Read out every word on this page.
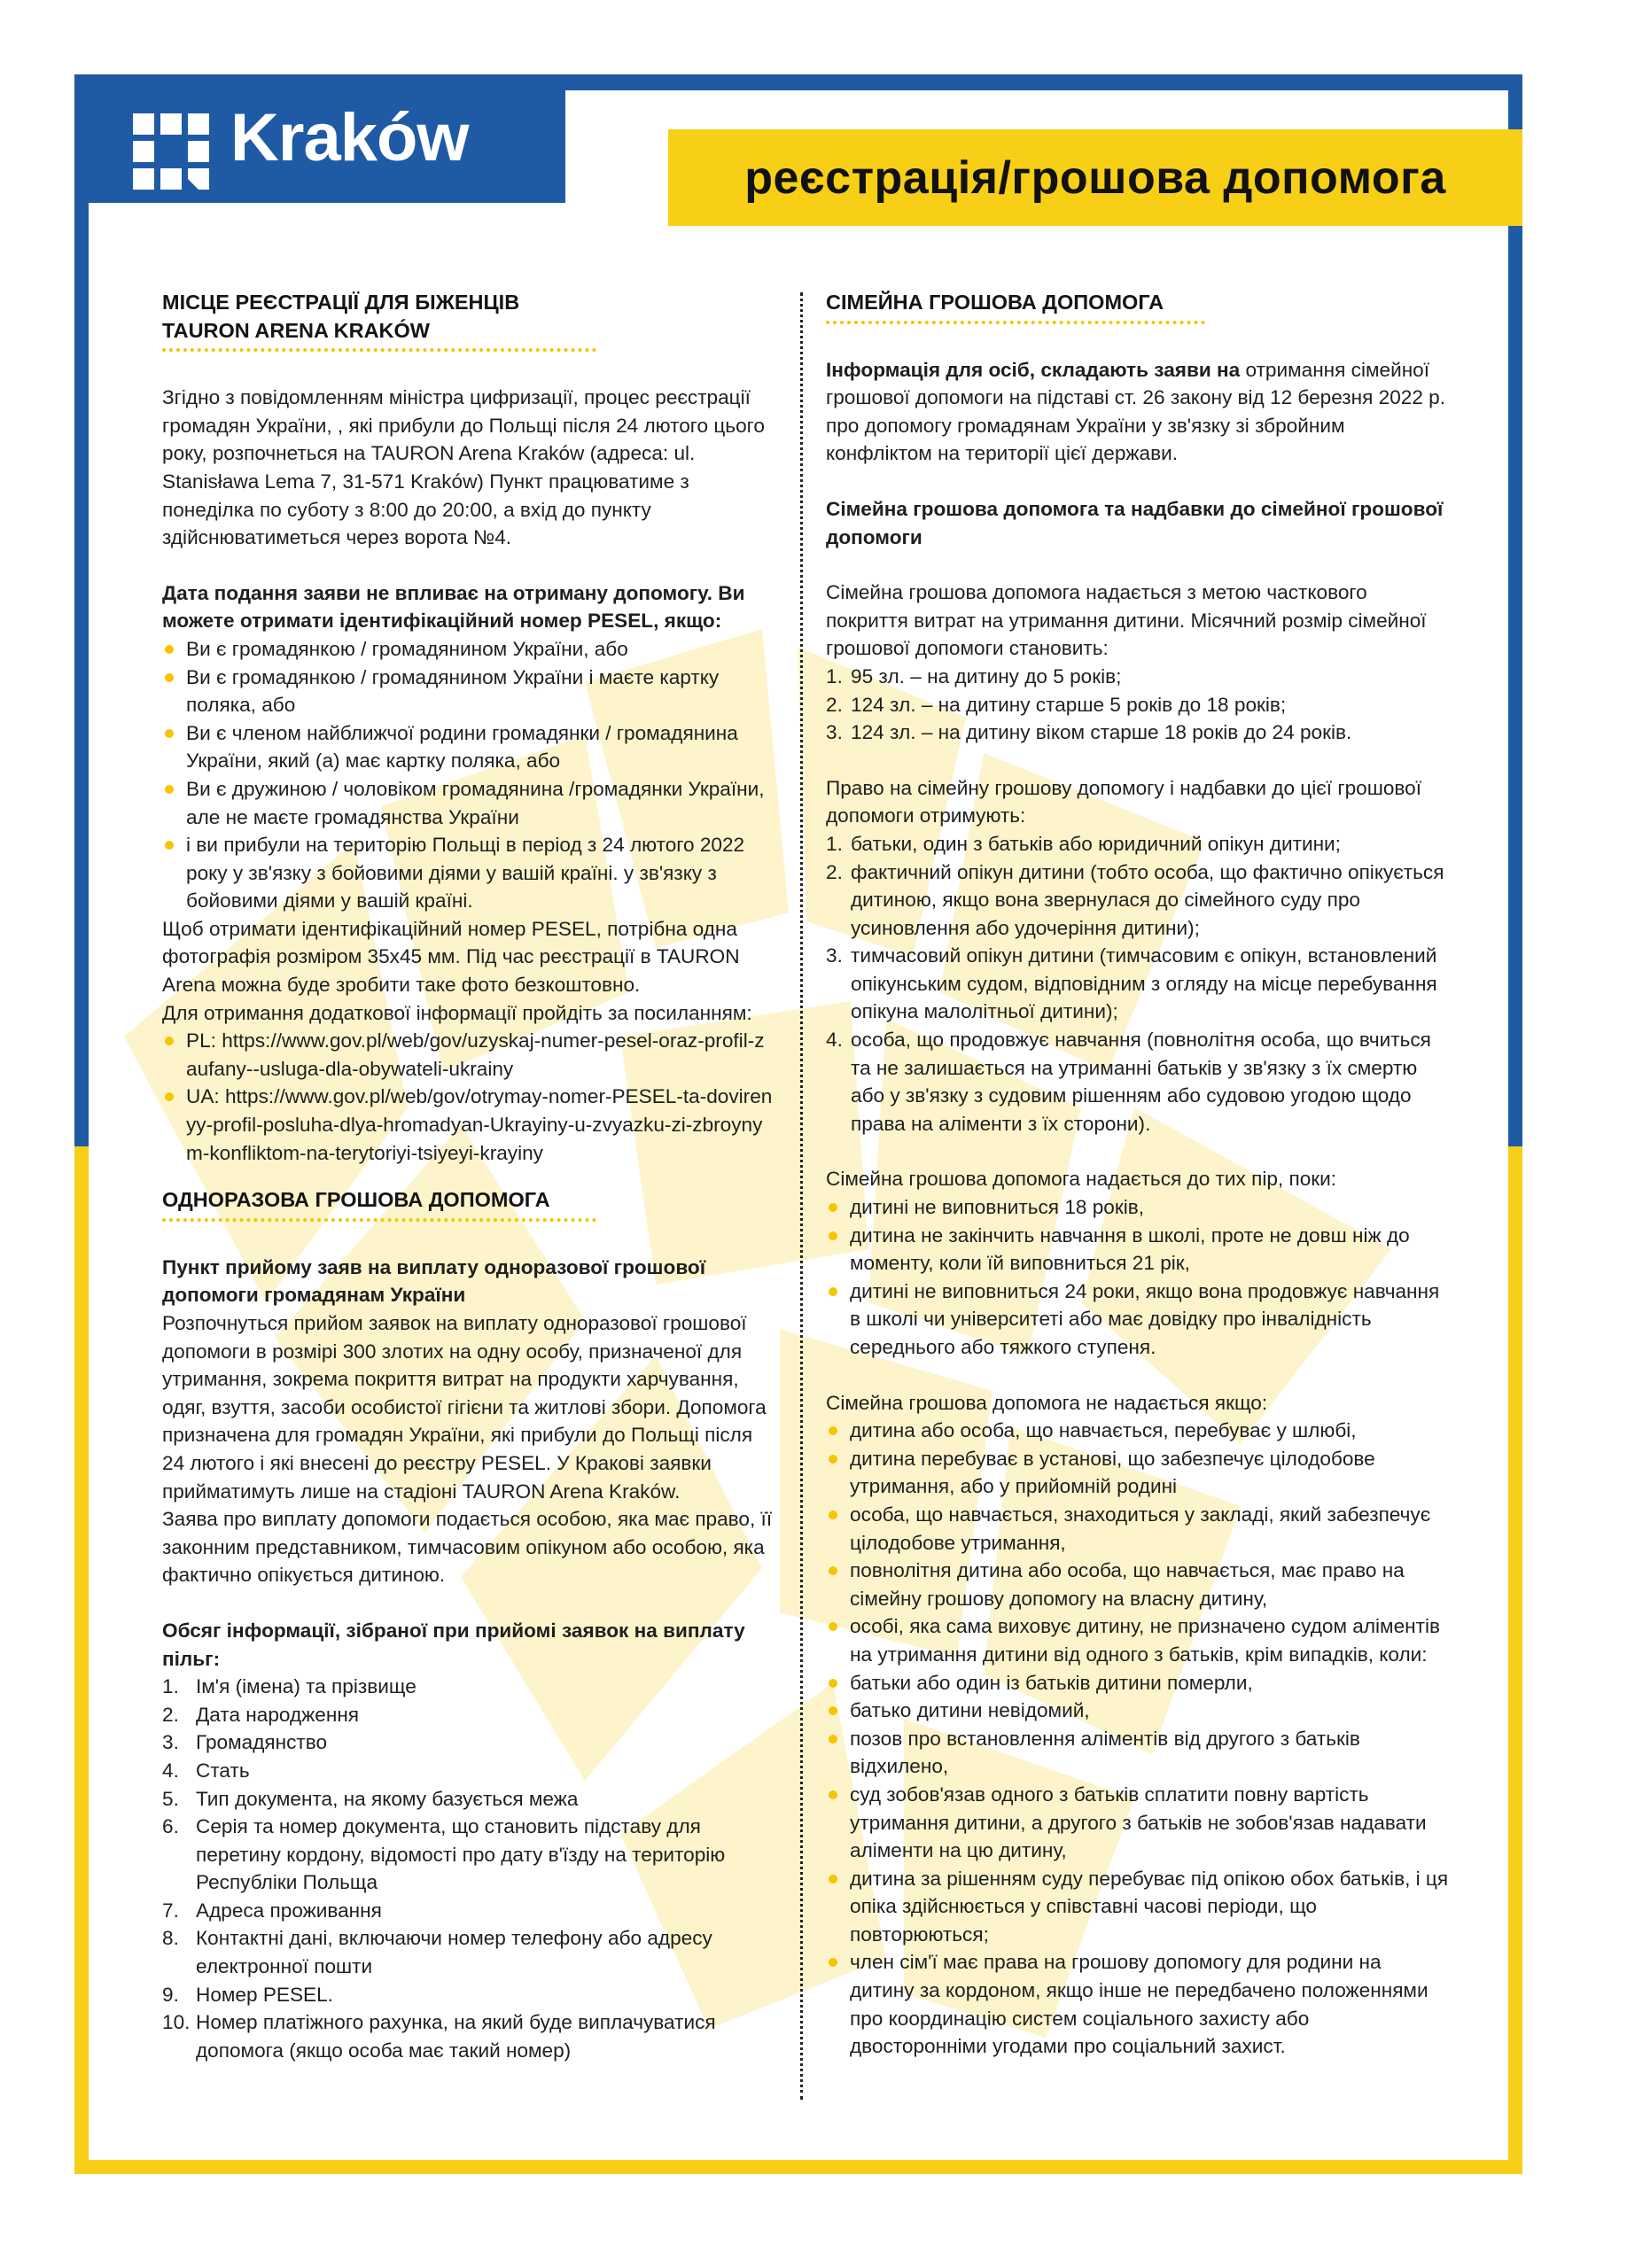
Kraków
реєстрація/грошова допомога
МІСЦЕ РЕЄСТРАЦІЇ ДЛЯ БІЖЕНЦІВ
TAURON ARENA KRAKÓW

Згідно з повідомленням міністра цифризації, процес реєстрації громадян України, , які прибули до Польщі після 24 лютого цього року, розпочнеться на TAURON Arena Kraków (адреса: ul. Stanisława Lema 7, 31-571 Kraków) Пункт працюватиме з понеділка по суботу з 8:00 до 20:00, а вхід до пункту здійснюватиметься через ворота №4.

Дата подання заяви не впливає на отриману допомогу. Ви можете отримати ідентифікаційний номер PESEL, якщо:

Ви є громадянкою / громадянином України, або
Ви є громадянкою / громадянином України і маєте картку поляка, або
Ви є членом найближчої родини громадянки / громадянина України, який (а) має картку поляка, або
Ви є дружиною / чоловіком громадянина /громадянки України, але не маєте громадянства України
і ви прибули на територію Польщі в період з 24 лютого 2022 року у зв'язку з бойовими діями у вашій країні. у зв'язку з бойовими діями у вашій країні.

Щоб отримати ідентифікаційний номер PESEL, потрібна одна фотографія розміром 35x45 мм. Під час реєстрації в TAURON Arena можна буде зробити таке фото безкоштовно.

Для отримання додаткової інформації пройдіть за посиланням:

PL: https://www.gov.pl/web/gov/uzyskaj-numer-pesel-oraz-profil-zaufany--usluga-dla-obywateli-ukrainy
UA: https://www.gov.pl/web/gov/otrymay-nomer-PESEL-ta-dovirenyy-profil-posluha-dlya-hromadyan-Ukrayiny-u-zvyazku-zi-zbroynym-konfliktom-na-terytoriyi-tsiyeyi-krayiny
ОДНОРАЗОВА ГРОШОВА ДОПОМОГА

Пункт прийому заяв на виплату одноразової грошової допомоги громадянам України

Розпочнуться прийом заявок на виплату одноразової грошової допомоги в розмірі 300 злотих на одну особу, призначеної для утримання, зокрема покриття витрат на продукти харчування, одяг, взуття, засоби особистої гігієни та житлові збори. Допомога призначена для громадян України, які прибули до Польщі після 24 лютого і які внесені до реєстру PESEL. У Кракові заявки прийматимуть лише на стадіоні TAURON Arena Kraków.

Заява про виплату допомоги подається особою, яка має право, її законним представником, тимчасовим опікуном або особою, яка фактично опікується дитиною.

Обсяг інформації, зібраної при прийомі заявок на виплату пільг:

1. Ім'я (імена) та прізвище
2. Дата народження
3. Громадянство
4. Стать
5. Тип документа, на якому базується межа
6. Серія та номер документа, що становить підставу для перетину кордону, відомості про дату в'їзду на територію Республіки Польща
7. Адреса проживання
8. Контактні дані, включаючи номер телефону або адресу електронної пошти
9. Номер PESEL.
10. Номер платіжного рахунка, на який буде виплачуватися допомога (якщо особа має такий номер)
СІМЕЙНА ГРОШОВА ДОПОМОГА

Інформація для осіб, складають заяви на отримання сімейної грошової допомоги на підставі ст. 26 закону від 12 березня 2022 р. про допомогу громадянам України у зв'язку зі збройним конфліктом на території цієї держави.

Сімейна грошова допомога та надбавки до сімейної грошової допомоги

Сімейна грошова допомога надається з метою часткового покриття витрат на утримання дитини. Місячний розмір сімейної грошової допомоги становить:

1. 95 зл. – на дитину до 5 років;
2. 124 зл. – на дитину старше 5 років до 18 років;
3. 124 зл. – на дитину віком старше 18 років до 24 років.

Право на сімейну грошову допомогу і надбавки до цієї грошової допомоги отримують:

1. батьки, один з батьків або юридичний опікун дитини;
2. фактичний опікун дитини (тобто особа, що фактично опікується дитиною, якщо вона звернулася до сімейного суду про усиновлення або удочеріння дитини);
3. тимчасовий опікун дитини (тимчасовим є опікун, встановлений опікунським судом, відповідним з огляду на місце перебування опікуна малолітньої дитини);
4. особа, що продовжує навчання (повнолітня особа, що вчиться та не залишається на утриманні батьків у зв'язку з їх смертю або у зв'язку з судовим рішенням або судовою угодою щодо права на аліменти з їх сторони).

Сімейна грошова допомога надається до тих пір, поки:

дитині не виповниться 18 років,
дитина не закінчить навчання в школі, проте не довш ніж до моменту, коли їй виповниться 21 рік,
дитині не виповниться 24 роки, якщо вона продовжує навчання в школі чи університеті або має довідку про інвалідність середнього або тяжкого ступеня.

Сімейна грошова допомога не надається якщо:

дитина або особа, що навчається, перебуває у шлюбі,
дитина перебуває в установі, що забезпечує цілодобове утримання, або у прийомній родині
особа, що навчається, знаходиться у закладі, який забезпечує цілодобове утримання,
повнолітня дитина або особа, що навчається, має право на сімейну грошову допомогу на власну дитину,
особі, яка сама виховує дитину, не призначено судом аліментів на утримання дитини від одного з батьків, крім випадків, коли:
батьки або один із батьків дитини померли,
батько дитини невідомий,
позов про встановлення аліментів від другого з батьків відхилено,
суд зобов'язав одного з батьків сплатити повну вартість утримання дитини, а другого з батьків не зобов'язав надавати аліменти на цю дитину,
дитина за рішенням суду перебуває під опікою обох батьків, і ця опіка здійснюється у співставні часові періоди, що повторюються;
член сім'ї має права на грошову допомогу для родини на дитину за кордоном, якщо інше не передбачено положеннями про координацію систем соціального захисту або двосторонніми угодами про соціальний захист.
